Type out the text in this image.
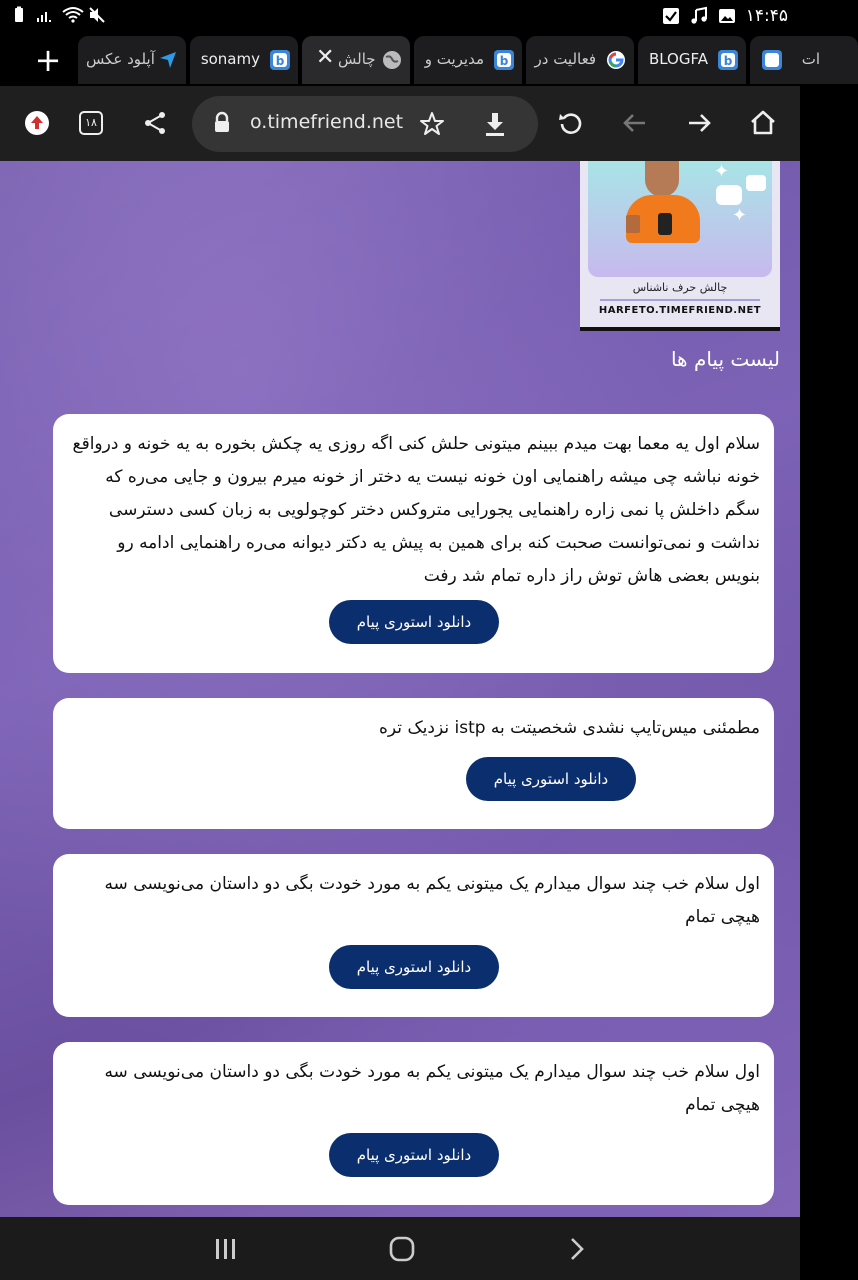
۱۴:۴۵
+	آپلود عکس	sonamy b ✕ چالش	مدیریت و b فعالیت در	BLOGFA b	ات
۱۸	o.timefriend.net
✦
✦
چالش حرف ناشناس
HARFETO.TIMEFRIEND.NET
لیست پیام ها
سلام اول یه معما بهت میدم ببینم میتونی حلش کنی اگه روزی یه چکش بخوره به یه خونه و درواقع خونه نباشه چی میشه راهنمایی اون خونه نیست یه دختر از خونه میرم بیرون و جایی می‌ره که سگم داخلش پا نمی زاره راهنمایی یجورایی متروکس دختر کوچولویی به زبان کسی دسترسی نداشت و نمی‌توانست صحبت کنه برای همین به پیش یه دکتر دیوانه می‌ره راهنمایی ادامه رو بنویس بعضی هاش توش راز داره تمام شد رفت
دانلود استوری پیام
مطمئنی میس‌تایپ نشدی شخصیتت به istp نزدیک تره
دانلود استوری پیام
اول سلام خب چند سوال میدارم یک میتونی یکم به مورد خودت بگی دو داستان می‌نویسی سه هیچی تمام
دانلود استوری پیام
اول سلام خب چند سوال میدارم یک میتونی یکم به مورد خودت بگی دو داستان می‌نویسی سه هیچی تمام
دانلود استوری پیام
